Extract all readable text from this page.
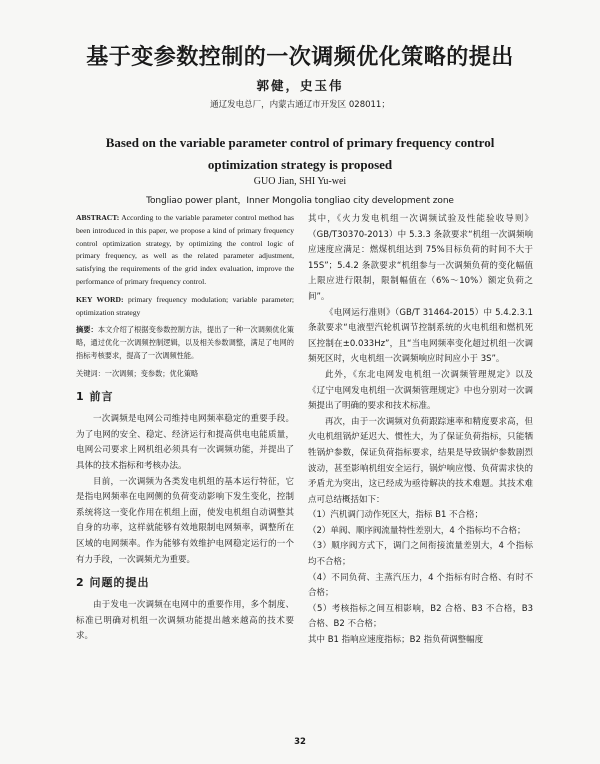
基于变参数控制的一次调频优化策略的提出
郭健，史玉伟
通辽发电总厂，内蒙古通辽市开发区 028011；
Based on the variable parameter control of primary frequency control
optimization strategy is proposed
GUO Jian, SHI Yu-wei
Tongliao power plant，Inner Mongolia tongliao city development zone

ABSTRACT: According to the variable parameter control method has been introduced in this paper, we propose a kind of primary frequency control optimization strategy, by optimizing the control logic of primary frequency, as well as the related parameter adjustment, satisfying the requirements of the grid index evaluation, improve the performance of primary frequency control.

KEY WORD: primary frequency modulation; variable parameter; optimization strategy

摘要：本文介绍了根据变参数控制方法，提出了一种一次调频优化策略，通过优化一次调频控制逻辑，以及相关参数调整，满足了电网的指标考核要求，提高了一次调频性能。

关键词：一次调频；变参数；优化策略

1 前言

一次调频是电网公司维持电网频率稳定的重要手段。为了电网的安全、稳定、经济运行和提高供电电能质量，电网公司要求上网机组必须具有一次调频功能，并提出了具体的技术指标和考核办法。

目前，一次调频为各类发电机组的基本运行特征，它是指电网频率在电网侧的负荷变动影响下发生变化，控制系统将这一变化作用在机组上面，使发电机组自动调整其自身的功率，这样就能够有效地限制电网频率，调整所在区域的电网频率。作为能够有效维护电网稳定运行的一个有力手段，一次调频尤为重要。

2 问题的提出

由于发电一次调频在电网中的重要作用，多个制度、标准已明确对机组一次调频功能提出越来越高的技术要求。

其中，《火力发电机组一次调频试验及性能验收导则》（GB/T30370-2013）中 5.3.3 条款要求“机组一次调频响应速度应满足：燃煤机组达到 75%目标负荷的时间不大于 15S”；5.4.2 条款要求“机组参与一次调频负荷的变化幅值上限应进行限制，限制幅值在（6%～10%）额定负荷之间”。

《电网运行准则》（GB/T 31464-2015）中 5.4.2.3.1 条款要求“电液型汽轮机调节控制系统的火电机组和燃机死区控制在±0.033Hz”，且“当电网频率变化超过机组一次调频死区时，火电机组一次调频响应时间应小于 3S”。

此外，《东北电网发电机组一次调频管理规定》以及《辽宁电网发电机组一次调频管理规定》中也分别对一次调频提出了明确的要求和技术标准。

再次，由于一次调频对负荷跟踪速率和精度要求高，但火电机组锅炉延迟大、惯性大，为了保证负荷指标，只能牺牲锅炉参数，保证负荷指标要求，结果是导致锅炉参数剧烈波动，甚至影响机组安全运行，锅炉响应慢、负荷需求快的矛盾尤为突出，这已经成为亟待解决的技术难题。其技术难点可总结概括如下：

（1）汽机调门动作死区大，指标 B1 不合格；

（2）单阀、顺序阀流量特性差别大，4 个指标均不合格；

（3）顺序阀方式下，调门之间衔接流量差别大，4 个指标均不合格；

（4）不同负荷、主蒸汽压力，4 个指标有时合格、有时不合格；

（5）考核指标之间互相影响，B2 合格、B3 不合格，B3 合格、B2 不合格；

其中 B1 指响应速度指标；B2 指负荷调整幅度

32
